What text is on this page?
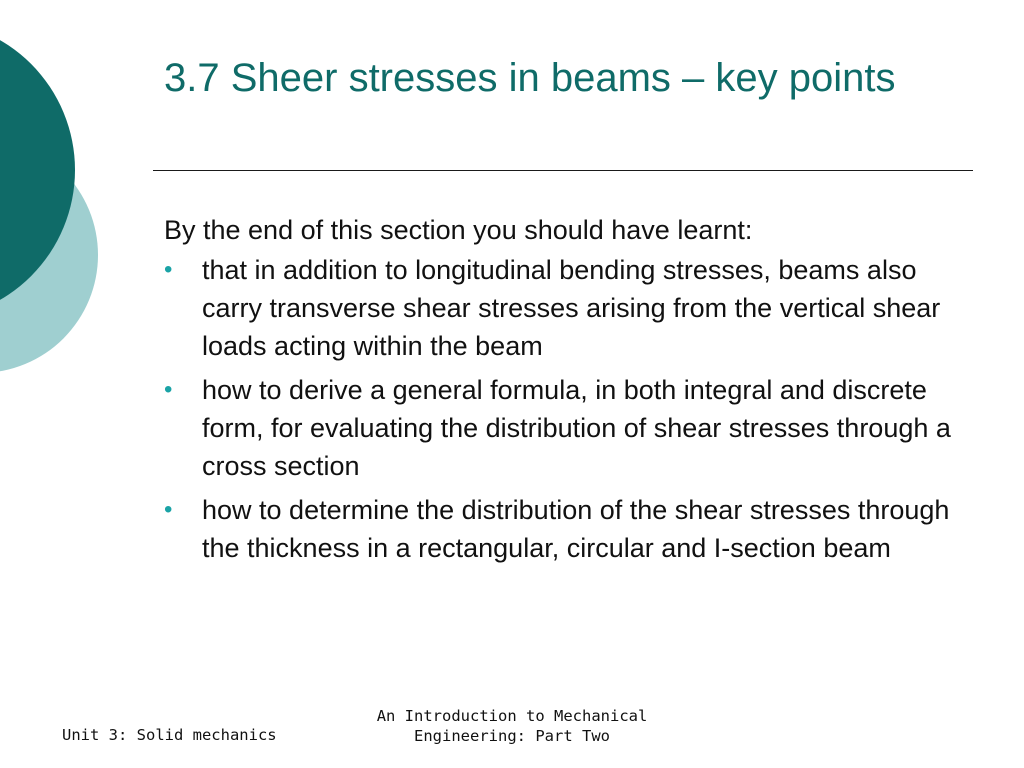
3.7 Sheer stresses in beams – key points

By the end of this section you should have learnt:

• that in addition to longitudinal bending stresses, beams also carry transverse shear stresses arising from the vertical shear loads acting within the beam
• how to derive a general formula, in both integral and discrete form, for evaluating the distribution of shear stresses through a cross section
• how to determine the distribution of the shear stresses through the thickness in a rectangular, circular and I-section beam
Unit 3: Solid mechanics
An Introduction to Mechanical
Engineering: Part Two
